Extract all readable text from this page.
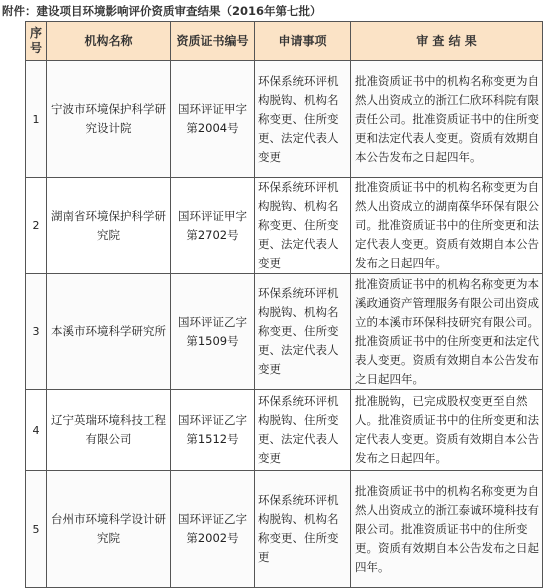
附件：建设项目环境影响评价资质审查结果（2016年第七批）
序号	机构名称	资质证书编号	申请事项	审 查 结 果
1	宁波市环境保护科学研究设计院	国环评证甲字第2004号	环保系统环评机构脱钩、机构名称变更、住所变更、法定代表人变更	批准资质证书中的机构名称变更为自然人出资成立的浙江仁欣环科院有限责任公司。批准资质证书中的住所变更和法定代表人变更。资质有效期自本公告发布之日起四年。
2	湖南省环境保护科学研究院	国环评证甲字第2702号	环保系统环评机构脱钩、机构名称变更、住所变更、法定代表人变更	批准资质证书中的机构名称变更为自然人出资成立的湖南葆华环保有限公司。批准资质证书中的住所变更和法定代表人变更。资质有效期自本公告发布之日起四年。
3	本溪市环境科学研究所	国环评证乙字第1509号	环保系统环评机构脱钩、机构名称变更、住所变更、法定代表人变更	批准资质证书中的机构名称变更为本溪政通资产管理服务有限公司出资成立的本溪市环保科技研究有限公司。批准资质证书中的住所变更和法定代表人变更。资质有效期自本公告发布之日起四年。
4	辽宁英瑞环境科技工程有限公司	国环评证乙字第1512号	环保系统环评机构脱钩、住所变更、法定代表人变更	批准脱钩，已完成股权变更至自然人。批准资质证书中的住所变更和法定代表人变更。资质有效期自本公告发布之日起四年。
5	台州市环境科学设计研究院	国环评证乙字第2002号	环保系统环评机构脱钩、机构名称变更、住所变更	批准资质证书中的机构名称变更为自然人出资成立的浙江泰诚环境科技有限公司。批准资质证书中的住所变更。资质有效期自本公告发布之日起四年。
